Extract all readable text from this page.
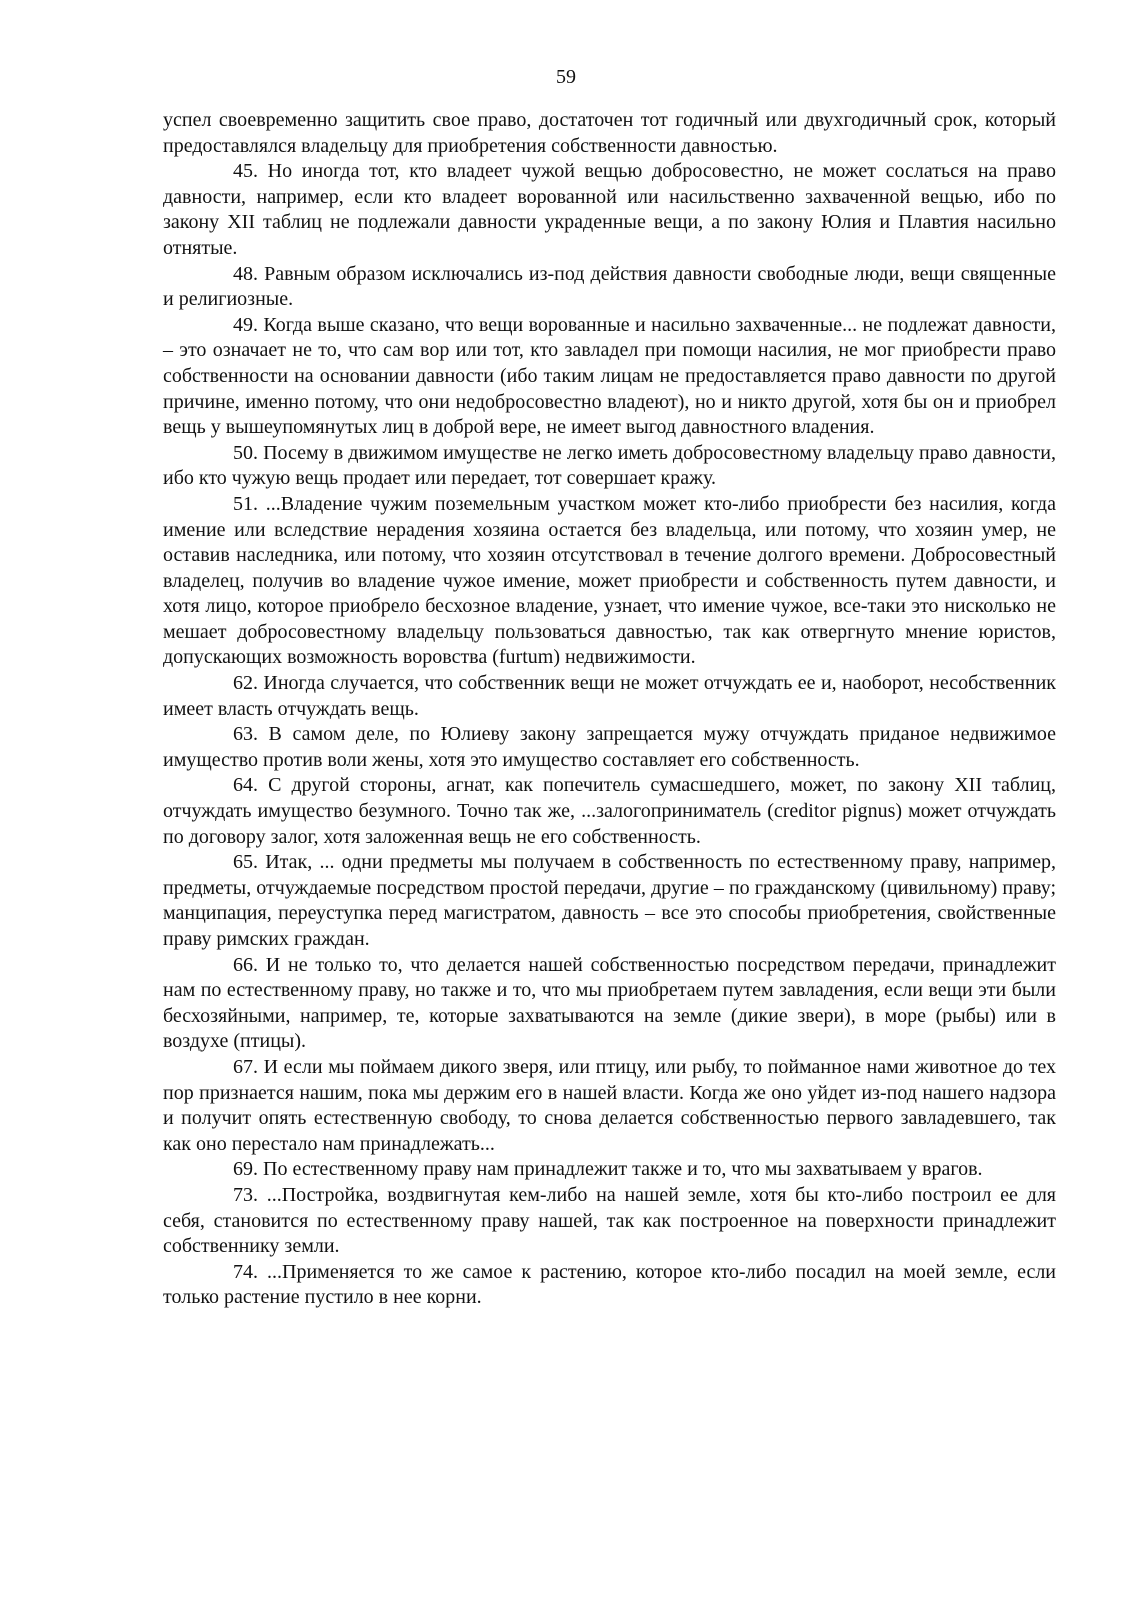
59

успел своевременно защитить свое право, достаточен тот годичный или двухгодичный срок, который предоставлялся владельцу для приобретения собственности давностью.

45. Но иногда тот, кто владеет чужой вещью добросовестно, не может сослаться на право давности, например, если кто владеет ворованной или насильственно захваченной вещью, ибо по закону XII таблиц не подлежали давности украденные вещи, а по закону Юлия и Плавтия насильно отнятые.

48. Равным образом исключались из-под действия давности свободные люди, вещи священные и религиозные.

49. Когда выше сказано, что вещи ворованные и насильно захваченные... не подлежат давности, – это означает не то, что сам вор или тот, кто завладел при помощи насилия, не мог приобрести право собственности на основании давности (ибо таким лицам не предоставляется право давности по другой причине, именно потому, что они недобросовестно владеют), но и никто другой, хотя бы он и приобрел вещь у вышеупомянутых лиц в доброй вере, не имеет выгод давностного владения.

50. Посему в движимом имуществе не легко иметь добросовестному владельцу право давности, ибо кто чужую вещь продает или передает, тот совершает кражу.

51. ...Владение чужим поземельным участком может кто-либо приобрести без насилия, когда имение или вследствие нерадения хозяина остается без владельца, или потому, что хозяин умер, не оставив наследника, или потому, что хозяин отсутствовал в течение долгого времени. Добросовестный владелец, получив во владение чужое имение, может приобрести и собственность путем давности, и хотя лицо, которое приобрело бесхозное владение, узнает, что имение чужое, все-таки это нисколько не мешает добросовестному владельцу пользоваться давностью, так как отвергнуто мнение юристов, допускающих возможность воровства (furtum) недвижимости.

62. Иногда случается, что собственник вещи не может отчуждать ее и, наоборот, несобственник имеет власть отчуждать вещь.

63. В самом деле, по Юлиеву закону запрещается мужу отчуждать приданое недвижимое имущество против воли жены, хотя это имущество составляет его собственность.

64. С другой стороны, агнат, как попечитель сумасшедшего, может, по закону XII таблиц, отчуждать имущество безумного. Точно так же, ...залогоприниматель (creditor pignus) может отчуждать по договору залог, хотя заложенная вещь не его собственность.

65. Итак, ... одни предметы мы получаем в собственность по естественному праву, например, предметы, отчуждаемые посредством простой передачи, другие – по гражданскому (цивильному) праву; манципация, переуступка перед магистратом, давность – все это способы приобретения, свойственные праву римских граждан.

66. И не только то, что делается нашей собственностью посредством передачи, принадлежит нам по естественному праву, но также и то, что мы приобретаем путем завладения, если вещи эти были бесхозяйными, например, те, которые захватываются на земле (дикие звери), в море (рыбы) или в воздухе (птицы).

67. И если мы поймаем дикого зверя, или птицу, или рыбу, то пойманное нами животное до тех пор признается нашим, пока мы держим его в нашей власти. Когда же оно уйдет из-под нашего надзора и получит опять естественную свободу, то снова делается собственностью первого завладевшего, так как оно перестало нам принадлежать...

69. По естественному праву нам принадлежит также и то, что мы захватываем у врагов.

73. ...Постройка, воздвигнутая кем-либо на нашей земле, хотя бы кто-либо построил ее для себя, становится по естественному праву нашей, так как построенное на поверхности принадлежит собственнику земли.

74. ...Применяется то же самое к растению, которое кто-либо посадил на моей земле, если только растение пустило в нее корни.
